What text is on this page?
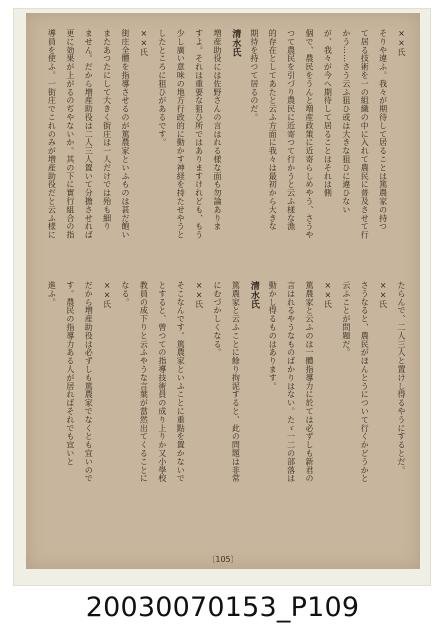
××氏
そりや違ふ。我々が期待して居ることは篤農家の持つ
て居る技術を一の組織の中に入れて農民に普及させて行
かう……さう云ふ狙ひ或は大きな狙ひに違ひない
が、我々が今へ期待して居ることはそれは側
個で、農民をうんと増産政策に近寄らしめやう、さうや
つて農民を引づり農民に近寄つて行かうと云ふ様な漁
的存在としてあたと云ふ方面に我々は最初から大きな
期待を持つて居るのだ。
清水氏
増産助役には佐野さんの言はれる様な面も勿論ありま
すよ。それは重要な狙ひ所ではありますけれども、もう
少し廣い意味の地方行政的に動かす神経を持たせやうと
したところに狙ひがあるです。
××氏
街庄全體を指導させるのが篤農家といふものは甚だ飽い
またあつたにして大きく街庄は一人だけでは殆も細り
ません。だから増産助役は二人三人置いて分擔させれば
更に効果が上がるのぢやないか。其の下に實行組合の指
導員を使ふ。一街庄でこれのみが増産助役だと云ふ様に
たらんで、二人三人と置けし得るやうにするとだ。
××氏
さうなると、農民がほんとうについて行くかどうかと
云ふことが問題だ。
××氏
篤農家と云ふのは一體指導力に於ては必ずしも新君の
言はれるやうなものばかりはない。たゞ一二の部落は
動かし得るものはあります。
清水氏
篤農家と云ふことに餘り拘泥すると、此の問題は非常
にむづかしくなる。
××氏
そこなんです。篤農家といふことに重點を置かないで
とすると、曾つての指導技術員の成り上りか又小學校
教員の成下りと云ふやうな言葉が當然出てくることに
なる。
××氏
だから増産助役は必ずしも篤農家でなくとも宜いので
す。農民の指導力ある人が居ればそれでも宜いと
進ふ。
〔105〕
20030070153_P109
